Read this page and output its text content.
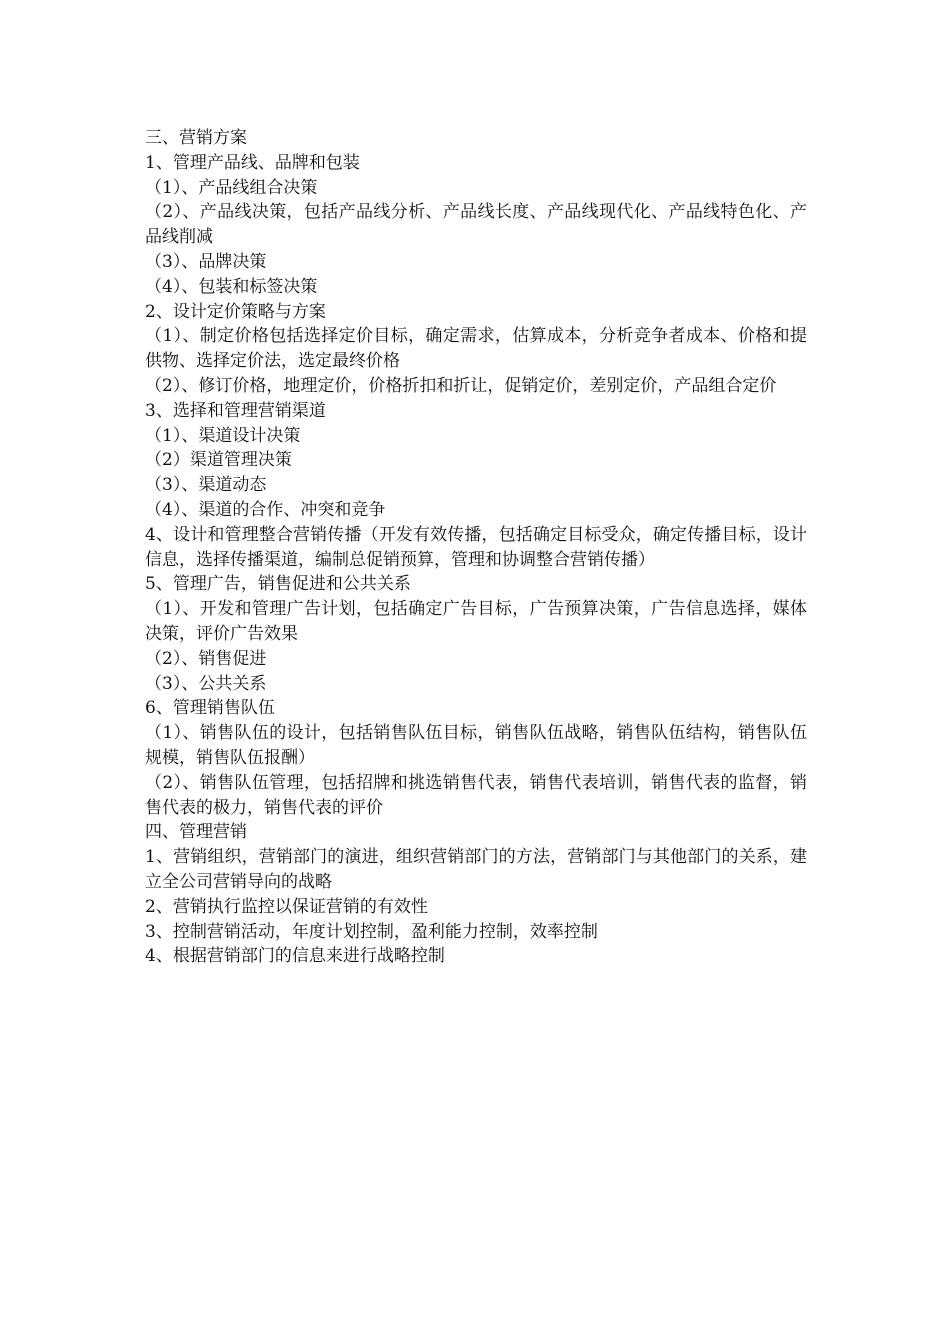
三、营销方案

1、管理产品线、品牌和包装

（1）、产品线组合决策

（2）、产品线决策，包括产品线分析、产品线长度、产品线现代化、产品线特色化、产品线削减

（3）、品牌决策

（4）、包装和标签决策

2、设计定价策略与方案

（1）、制定价格包括选择定价目标，确定需求，估算成本，分析竞争者成本、价格和提供物、选择定价法，选定最终价格

（2）、修订价格，地理定价，价格折扣和折让，促销定价，差别定价，产品组合定价

3、选择和管理营销渠道

（1）、渠道设计决策

（2）渠道管理决策

（3）、渠道动态

（4）、渠道的合作、冲突和竞争

4、设计和管理整合营销传播（开发有效传播，包括确定目标受众，确定传播目标，设计信息，选择传播渠道，编制总促销预算，管理和协调整合营销传播）

5、管理广告，销售促进和公共关系

（1）、开发和管理广告计划，包括确定广告目标，广告预算决策，广告信息选择，媒体决策，评价广告效果

（2）、销售促进

（3）、公共关系

6、管理销售队伍

（1）、销售队伍的设计，包括销售队伍目标，销售队伍战略，销售队伍结构，销售队伍规模，销售队伍报酬）

（2）、销售队伍管理，包括招牌和挑选销售代表，销售代表培训，销售代表的监督，销售代表的极力，销售代表的评价

四、管理营销

1、营销组织，营销部门的演进，组织营销部门的方法，营销部门与其他部门的关系，建立全公司营销导向的战略

2、营销执行监控以保证营销的有效性

3、控制营销活动，年度计划控制，盈利能力控制，效率控制

4、根据营销部门的信息来进行战略控制
